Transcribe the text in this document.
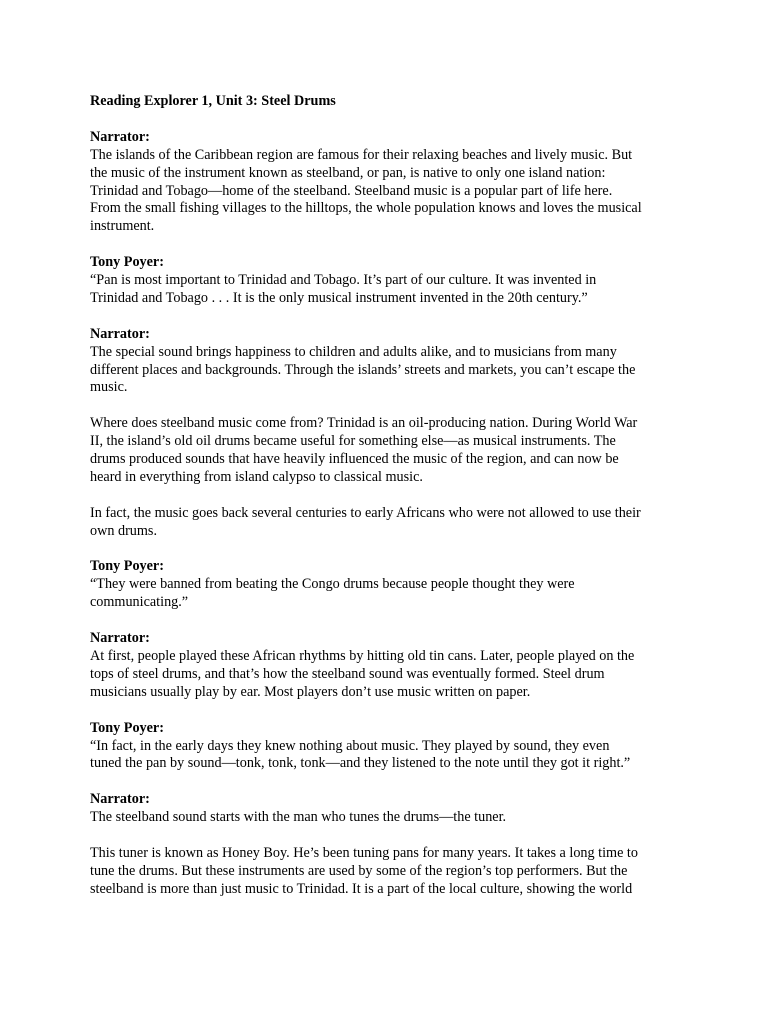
Reading Explorer 1, Unit 3: Steel Drums
Narrator:
The islands of the Caribbean region are famous for their relaxing beaches and lively music. But
the music of the instrument known as steelband, or pan, is native to only one island nation:
Trinidad and Tobago—home of the steelband. Steelband music is a popular part of life here.
From the small fishing villages to the hilltops, the whole population knows and loves the musical
instrument.
Tony Poyer:
“Pan is most important to Trinidad and Tobago. It’s part of our culture. It was invented in
Trinidad and Tobago . . . It is the only musical instrument invented in the 20th century.”
Narrator:
The special sound brings happiness to children and adults alike, and to musicians from many
different places and backgrounds. Through the islands’ streets and markets, you can’t escape the
music.
Where does steelband music come from? Trinidad is an oil-producing nation. During World War
II, the island’s old oil drums became useful for something else—as musical instruments. The
drums produced sounds that have heavily influenced the music of the region, and can now be
heard in everything from island calypso to classical music.
In fact, the music goes back several centuries to early Africans who were not allowed to use their
own drums.
Tony Poyer:
“They were banned from beating the Congo drums because people thought they were
communicating.”
Narrator:
At first, people played these African rhythms by hitting old tin cans. Later, people played on the
tops of steel drums, and that’s how the steelband sound was eventually formed. Steel drum
musicians usually play by ear. Most players don’t use music written on paper.
Tony Poyer:
“In fact, in the early days they knew nothing about music. They played by sound, they even
tuned the pan by sound—tonk, tonk, tonk—and they listened to the note until they got it right.”
Narrator:
The steelband sound starts with the man who tunes the drums—the tuner.
This tuner is known as Honey Boy. He’s been tuning pans for many years. It takes a long time to
tune the drums. But these instruments are used by some of the region’s top performers. But the
steelband is more than just music to Trinidad. It is a part of the local culture, showing the world
